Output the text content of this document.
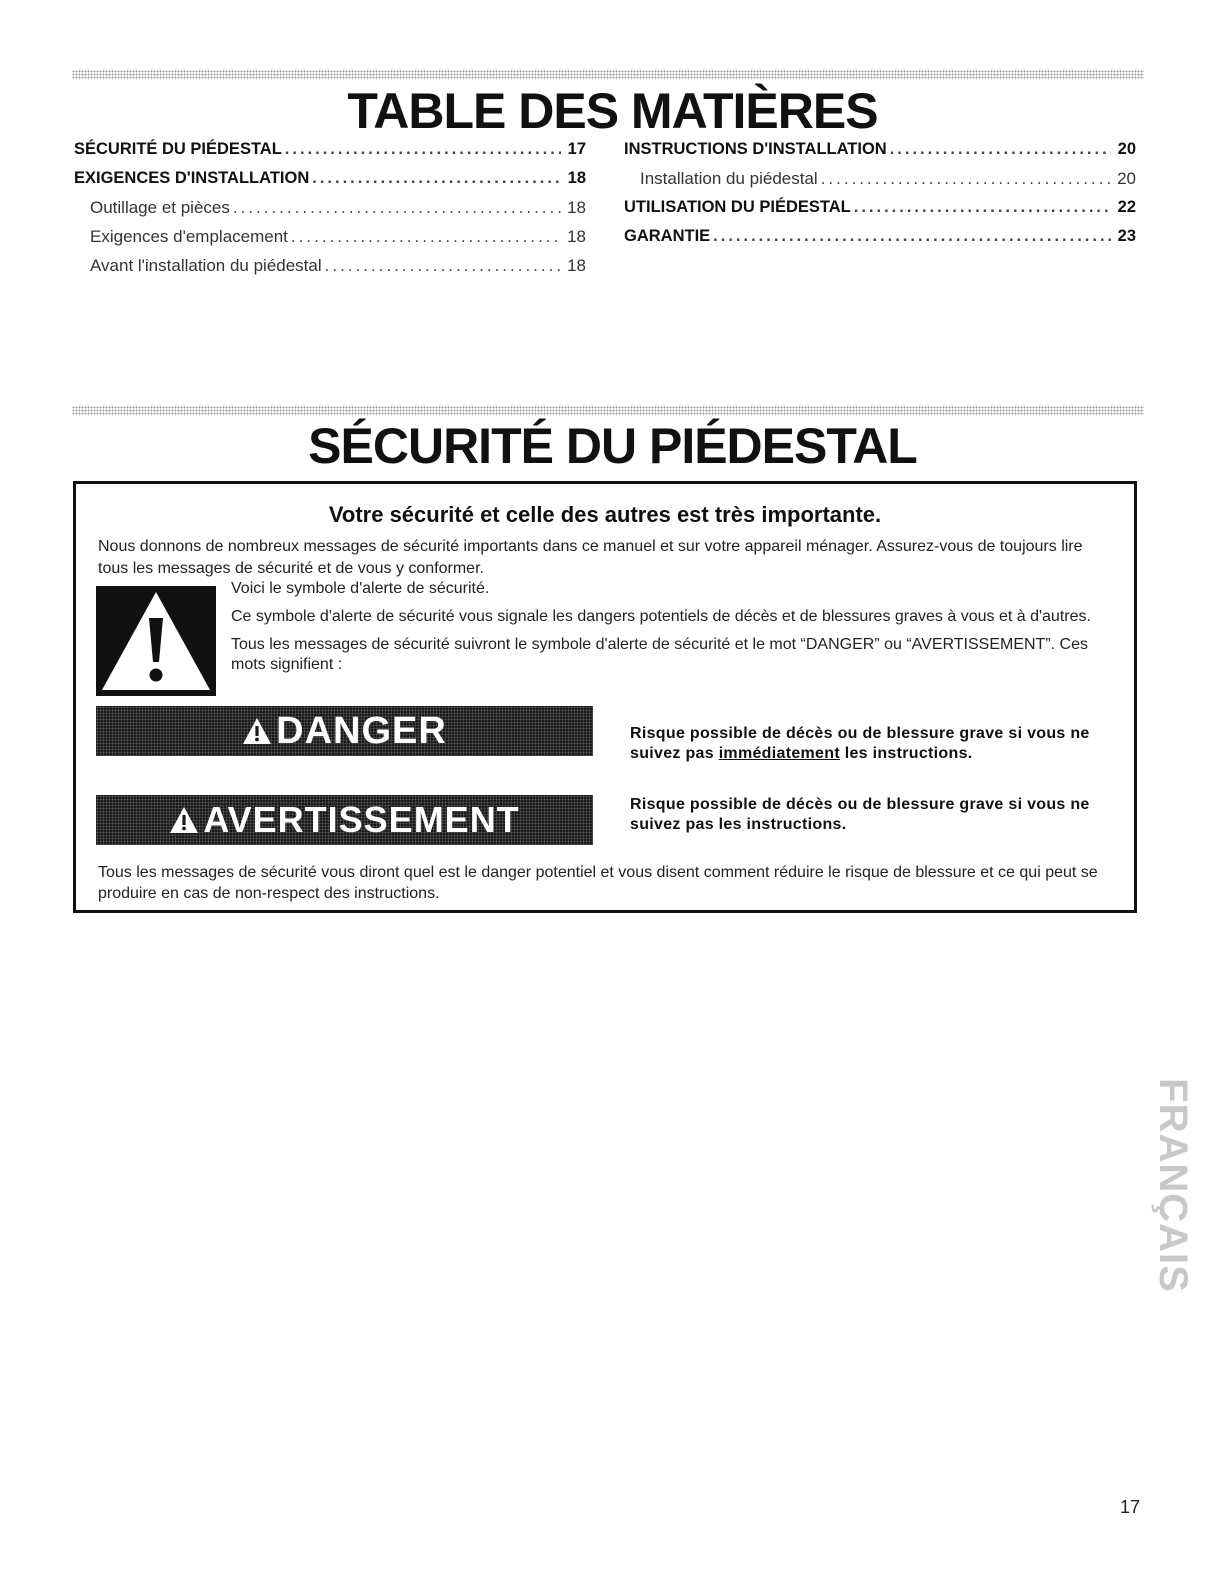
TABLE DES MATIÈRES
SÉCURITÉ DU PIÉDESTAL .....	17
EXIGENCES D'INSTALLATION .....	18
Outillage et pièces .....	18
Exigences d'emplacement .....	18
Avant l'installation du piédestal .....	18
INSTRUCTIONS D'INSTALLATION .....	20
Installation du piédestal .....	20
UTILISATION DU PIÉDESTAL .....	22
GARANTIE .....	23
SÉCURITÉ DU PIÉDESTAL
Votre sécurité et celle des autres est très importante.
Nous donnons de nombreux messages de sécurité importants dans ce manuel et sur votre appareil ménager. Assurez-vous de toujours lire tous les messages de sécurité et de vous y conformer.

Voici le symbole d'alerte de sécurité.

Ce symbole d'alerte de sécurité vous signale les dangers potentiels de décès et de blessures graves à vous et à d'autres.

Tous les messages de sécurité suivront le symbole d'alerte de sécurité et le mot “DANGER” ou “AVERTISSEMENT”. Ces mots signifient :

DANGER	Risque possible de décès ou de blessure grave si vous ne suivez pas immédiatement les instructions.
AVERTISSEMENT	Risque possible de décès ou de blessure grave si vous ne suivez pas les instructions.
Tous les messages de sécurité vous diront quel est le danger potentiel et vous disent comment réduire le risque de blessure et ce qui peut se produire en cas de non-respect des instructions.
FRANÇAIS
17
